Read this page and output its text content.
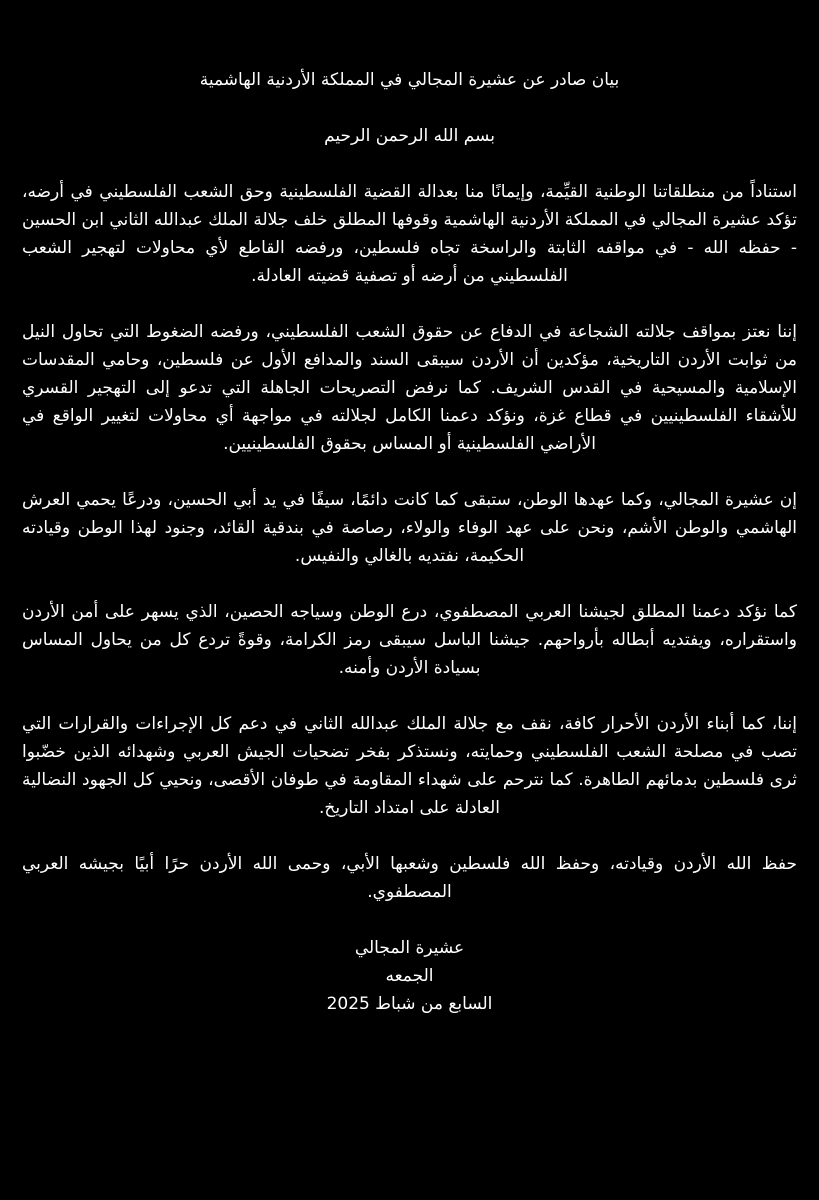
بيان صادر عن عشيرة المجالي في المملكة الأردنية الهاشمية
بسم الله الرحمن الرحيم
استناداً من منطلقاتنا الوطنية القيِّمة، وإيمانًا منا بعدالة القضية الفلسطينية وحق الشعب الفلسطيني في أرضه، تؤكد عشيرة المجالي في المملكة الأردنية الهاشمية وقوفها المطلق خلف جلالة الملك عبدالله الثاني ابن الحسين - حفظه الله - في مواقفه الثابتة والراسخة تجاه فلسطين، ورفضه القاطع لأي محاولات لتهجير الشعب الفلسطيني من أرضه أو تصفية قضيته العادلة.
إننا نعتز بمواقف جلالته الشجاعة في الدفاع عن حقوق الشعب الفلسطيني، ورفضه الضغوط التي تحاول النيل من ثوابت الأردن التاريخية، مؤكدين أن الأردن سيبقى السند والمدافع الأول عن فلسطين، وحامي المقدسات الإسلامية والمسيحية في القدس الشريف. كما نرفض التصريحات الجاهلة التي تدعو إلى التهجير القسري للأشقاء الفلسطينيين في قطاع غزة، ونؤكد دعمنا الكامل لجلالته في مواجهة أي محاولات لتغيير الواقع في الأراضي الفلسطينية أو المساس بحقوق الفلسطينيين.
إن عشيرة المجالي، وكما عهدها الوطن، ستبقى كما كانت دائمًا، سيفًا في يد أبي الحسين، ودرعًا يحمي العرش الهاشمي والوطن الأشم، ونحن على عهد الوفاء والولاء، رصاصة في بندقية القائد، وجنود لهذا الوطن وقيادته الحكيمة، نفتديه بالغالي والنفيس.
كما نؤكد دعمنا المطلق لجيشنا العربي المصطفوي، درع الوطن وسياجه الحصين، الذي يسهر على أمن الأردن واستقراره، ويفتديه أبطاله بأرواحهم. جيشنا الباسل سيبقى رمز الكرامة، وقوةً تردع كل من يحاول المساس بسيادة الأردن وأمنه.
إننا، كما أبناء الأردن الأحرار كافة، نقف مع جلالة الملك عبدالله الثاني في دعم كل الإجراءات والقرارات التي تصب في مصلحة الشعب الفلسطيني وحمايته، ونستذكر بفخر تضحيات الجيش العربي وشهدائه الذين خضّبوا ثرى فلسطين بدمائهم الطاهرة. كما نترحم على شهداء المقاومة في طوفان الأقصى، ونحيي كل الجهود النضالية العادلة على امتداد التاريخ.
حفظ الله الأردن وقيادته، وحفظ الله فلسطين وشعبها الأبي، وحمى الله الأردن حرًا أبيًا بجيشه العربي المصطفوي.
عشيرة المجالي
الجمعه
السابع من شباط 2025
